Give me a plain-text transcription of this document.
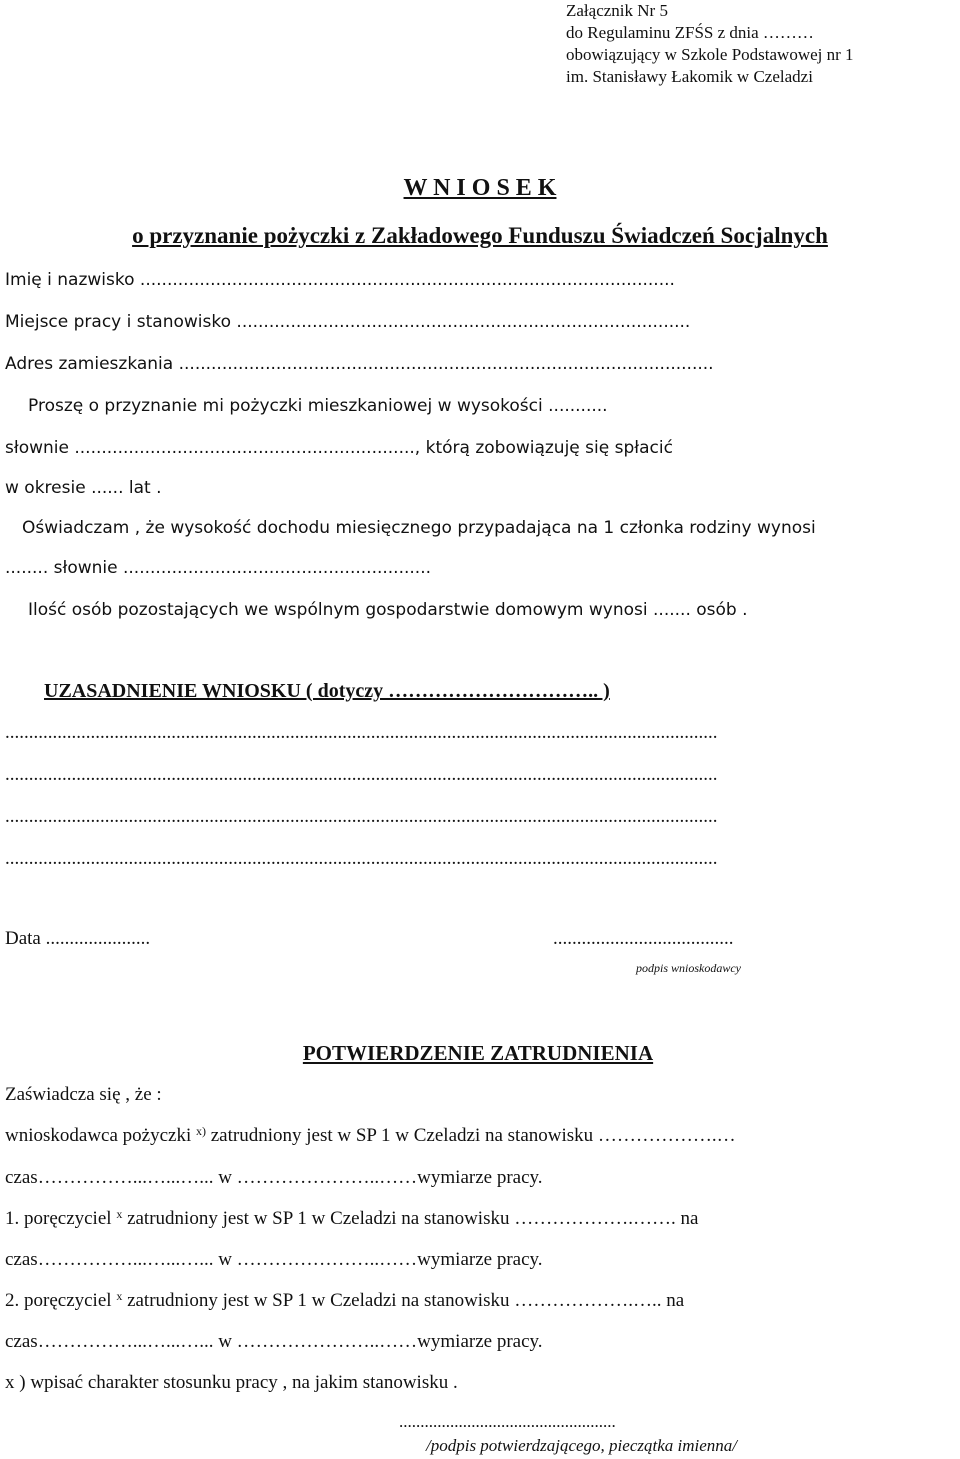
Załącznik Nr 5
do Regulaminu ZFŚS z dnia ………
obowiązujący w Szkole Podstawowej nr 1
im. Stanisławy Łakomik w Czeladzi
W N I O S E K
o przyznanie pożyczki z Zakładowego Funduszu Świadczeń Socjalnych
Imię i nazwisko ...................................................................................................
Miejsce pracy i stanowisko ....................................................................................
Adres zamieszkania ...................................................................................................
Proszę o przyznanie mi pożyczki mieszkaniowej w wysokości ...........
słownie ..............................................................., którą zobowiązuję się spłacić
w okresie ...... lat .
Oświadczam , że wysokość dochodu miesięcznego przypadająca na 1 członka rodziny wynosi
........ słownie .........................................................
Ilość osób pozostających we wspólnym gospodarstwie domowym wynosi ....... osób .
UZASADNIENIE WNIOSKU ( dotyczy ………………………….. )
......................................................................................................................................................
......................................................................................................................................................
......................................................................................................................................................
......................................................................................................................................................
Data ......................	......................................
podpis wnioskodawcy
POTWIERDZENIE ZATRUDNIENIA
Zaświadcza się , że :
wnioskodawca pożyczki $^{x)}$ zatrudniony jest w SP 1 w Czeladzi na stanowisku ……………….…
czas……………...…...…... w …………………..……wymiarze pracy.
1. poręczyciel $^x$ zatrudniony jest w SP 1 w Czeladzi na stanowisku ……………….……. na
czas……………...…...…... w …………………..……wymiarze pracy.
2. poręczyciel $^x$ zatrudniony jest w SP 1 w Czeladzi na stanowisku ……………….….. na
czas……………...…...…... w …………………..……wymiarze pracy.
x ) wpisać charakter stosunku pracy , na jakim stanowisku .
...................................................
/podpis potwierdzającego, pieczątka imienna/
